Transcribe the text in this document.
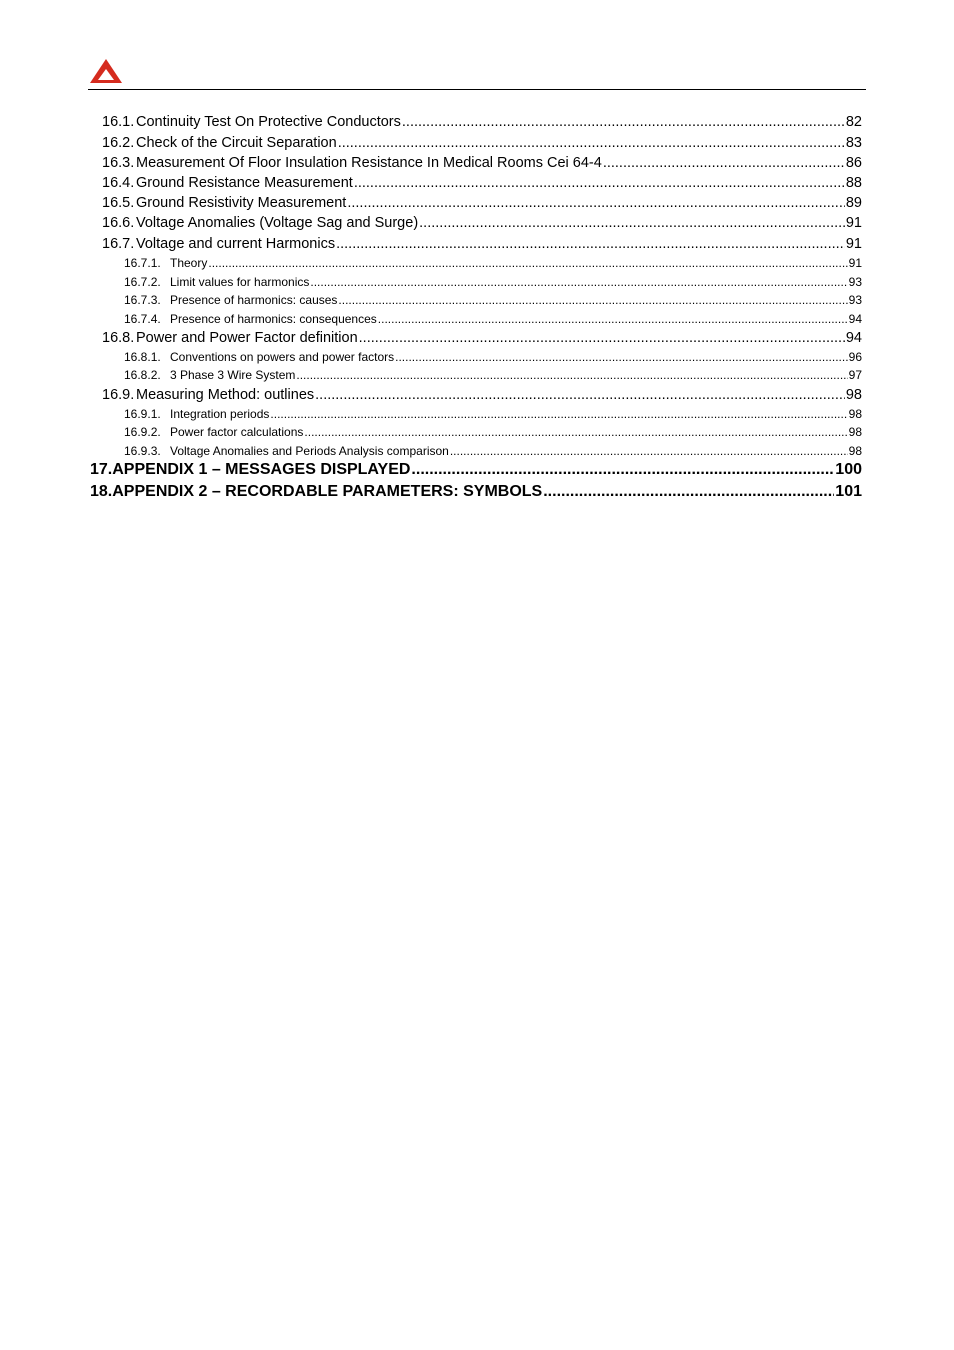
16.1. Continuity Test On Protective Conductors .....	82
16.2. Check of the Circuit Separation .....	83
16.3. Measurement Of Floor Insulation Resistance In Medical Rooms Cei 64-4 .....	86
16.4. Ground Resistance Measurement .....	88
16.5. Ground Resistivity Measurement .....	89
16.6. Voltage Anomalies (Voltage Sag and Surge) .....	91
16.7. Voltage and current Harmonics .....	91
16.7.1. Theory .....	91
16.7.2. Limit values for harmonics .....	93
16.7.3. Presence of harmonics: causes .....	93
16.7.4. Presence of harmonics: consequences .....	94
16.8. Power and Power Factor definition .....	94
16.8.1. Conventions on powers and power factors .....	96
16.8.2. 3 Phase 3 Wire System .....	97
16.9. Measuring Method: outlines .....	98
16.9.1. Integration periods .....	98
16.9.2. Power factor calculations .....	98
16.9.3. Voltage Anomalies and Periods Analysis comparison .....	98
17. APPENDIX 1 – MESSAGES DISPLAYED .....	100
18. APPENDIX 2 – RECORDABLE PARAMETERS: SYMBOLS .....	101
